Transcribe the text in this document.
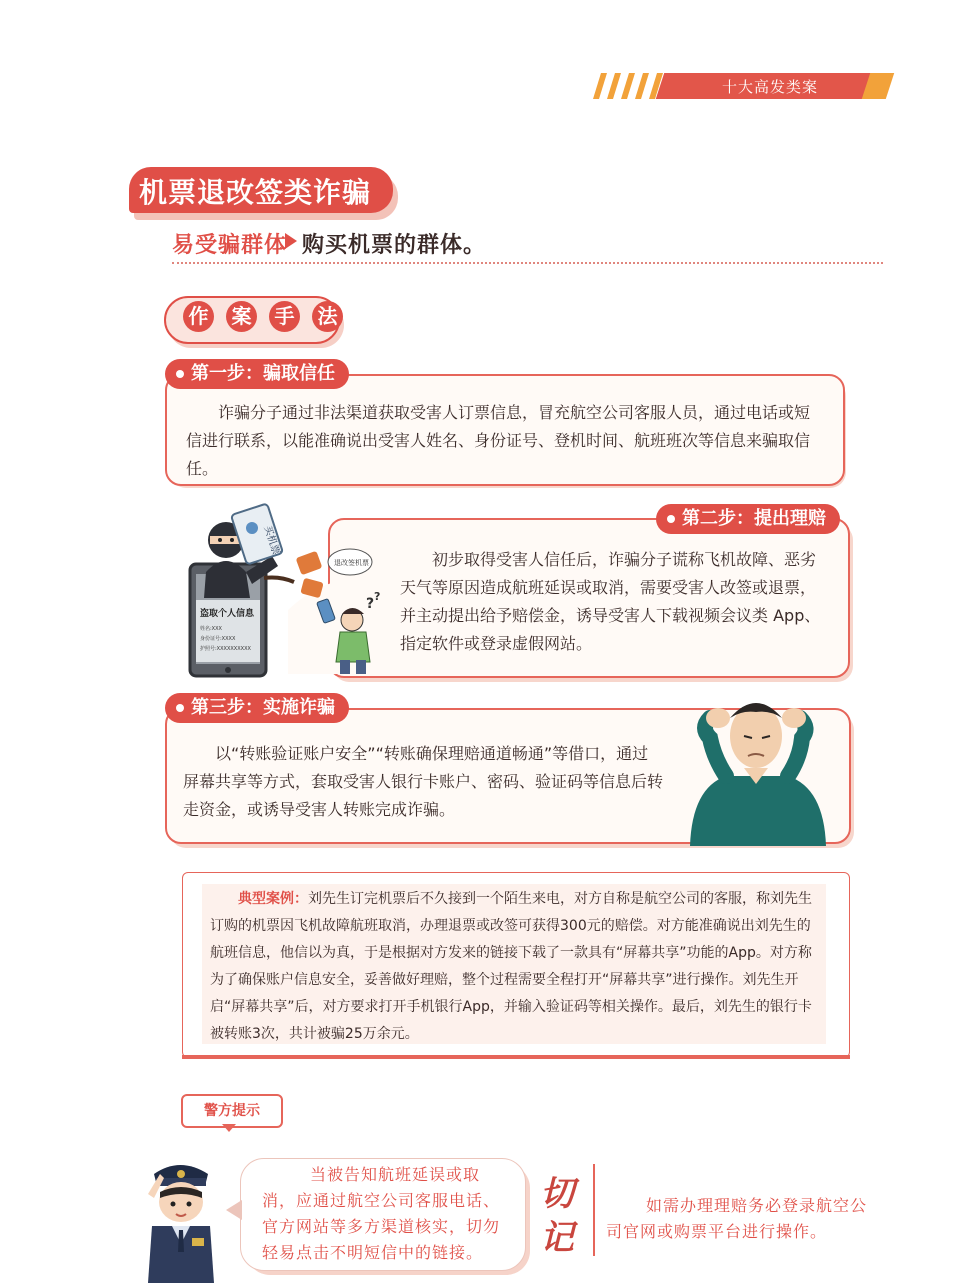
十大高发类案
机票退改签类诈骗
易受骗群体 购买机票的群体。
作 案 手 法
第一步：骗取信任
诈骗分子通过非法渠道获取受害人订票信息，冒充航空公司客服人员，通过电话或短信进行联系，以能准确说出受害人姓名、身份证号、登机时间、航班班次等信息来骗取信任。
买机票
盗取个人信息
姓名:XXX
身份证号:XXXX
护照号:XXXXXXXXXX
退改签机票
? ?
第二步：提出理赔
初步取得受害人信任后，诈骗分子谎称飞机故障、恶劣天气等原因造成航班延误或取消，需要受害人改签或退票，并主动提出给予赔偿金，诱导受害人下载视频会议类 App、指定软件或登录虚假网站。
第三步：实施诈骗
以“转账验证账户安全”“转账确保理赔通道畅通”等借口，通过屏幕共享等方式，套取受害人银行卡账户、密码、验证码等信息后转走资金，或诱导受害人转账完成诈骗。
典型案例：刘先生订完机票后不久接到一个陌生来电，对方自称是航空公司的客服，称刘先生订购的机票因飞机故障航班取消，办理退票或改签可获得300元的赔偿。对方能准确说出刘先生的航班信息，他信以为真，于是根据对方发来的链接下载了一款具有“屏幕共享”功能的App。对方称为了确保账户信息安全，妥善做好理赔，整个过程需要全程打开“屏幕共享”进行操作。刘先生开启“屏幕共享”后，对方要求打开手机银行App，并输入验证码等相关操作。最后，刘先生的银行卡被转账3次，共计被骗25万余元。
警方提示
当被告知航班延误或取消，应通过航空公司客服电话、官方网站等多方渠道核实，切勿轻易点击不明短信中的链接。
切记
如需办理理赔务必登录航空公司官网或购票平台进行操作。
